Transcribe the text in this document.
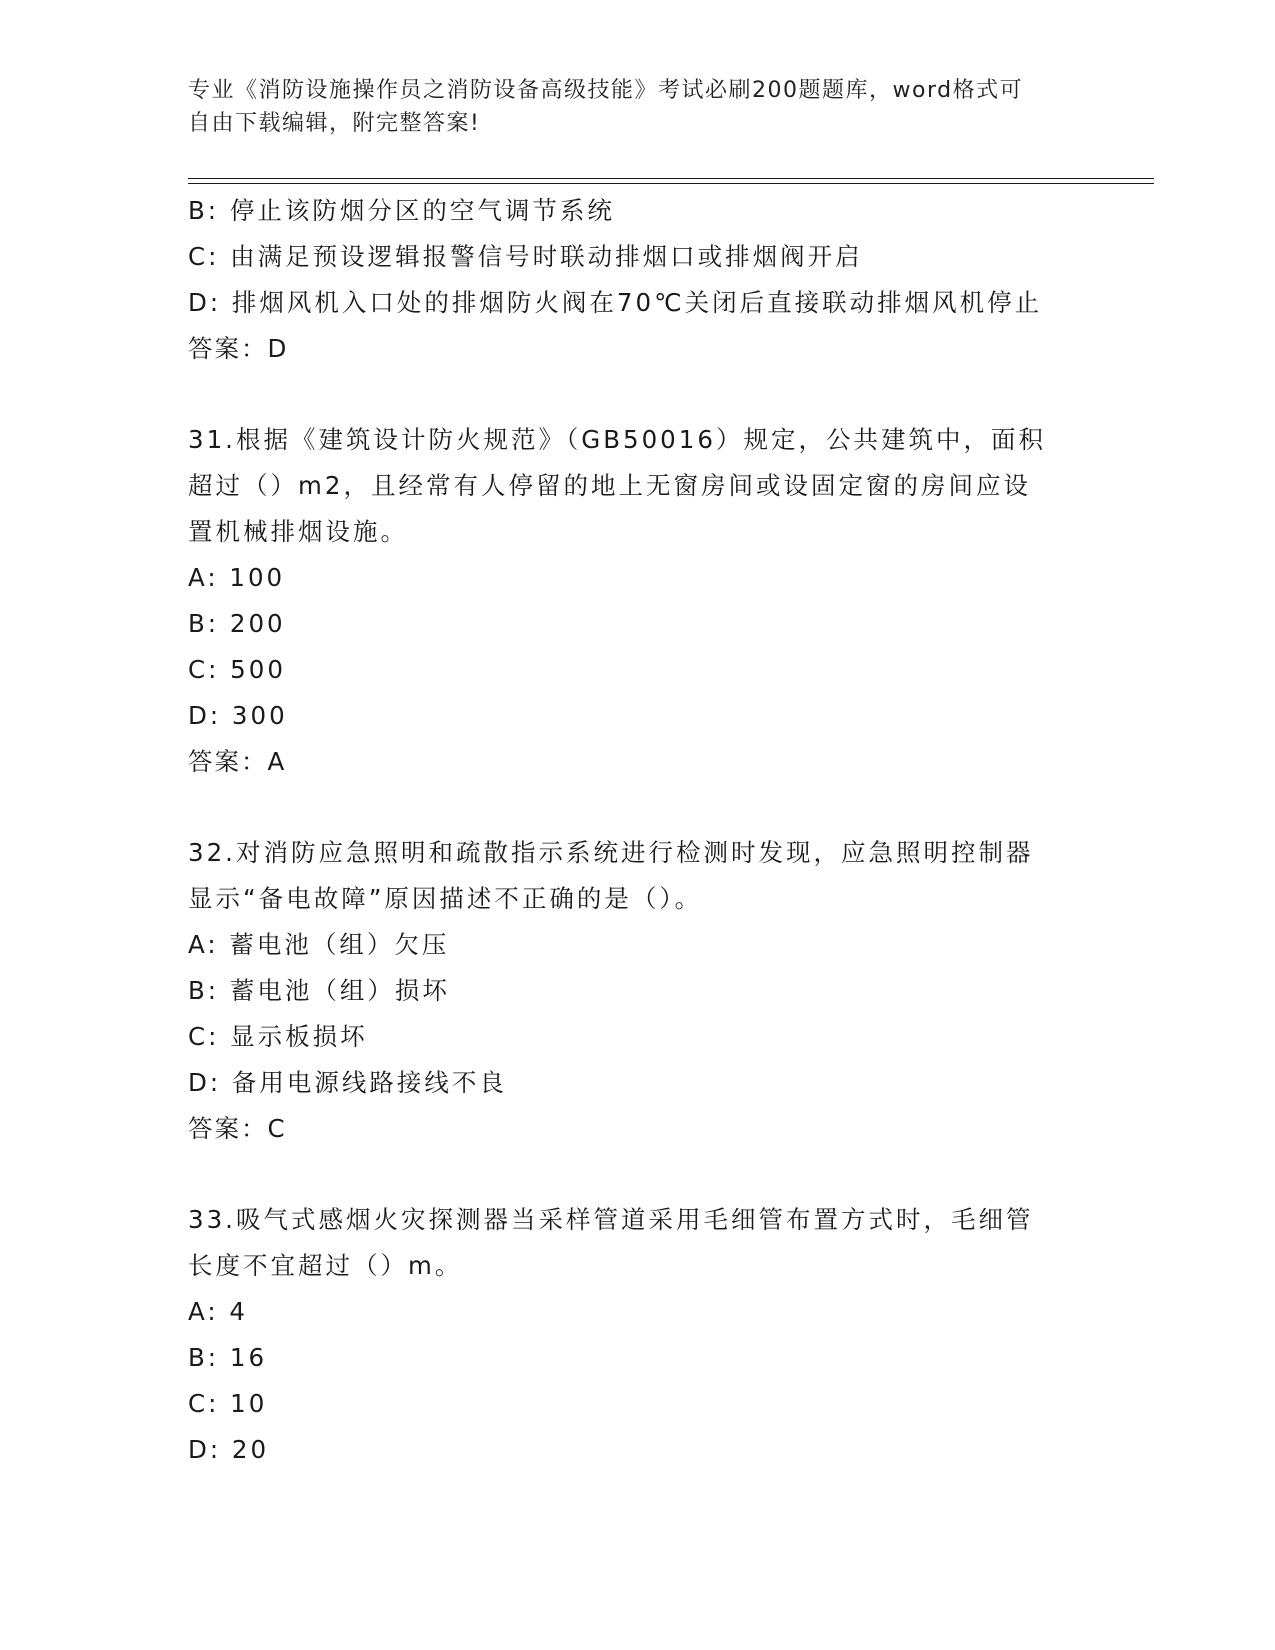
专业《消防设施操作员之消防设备高级技能》考试必刷200题题库，word格式可
自由下载编辑，附完整答案!
B: 停止该防烟分区的空气调节系统
C: 由满足预设逻辑报警信号时联动排烟口或排烟阀开启
D: 排烟风机入口处的排烟防火阀在70℃关闭后直接联动排烟风机停止
答案：D
31.根据《建筑设计防火规范》（GB50016）规定，公共建筑中，面积
超过（）m2，且经常有人停留的地上无窗房间或设固定窗的房间应设
置机械排烟设施。
A: 100
B: 200
C: 500
D: 300
答案：A
32.对消防应急照明和疏散指示系统进行检测时发现，应急照明控制器
显示“备电故障”原因描述不正确的是（）。
A: 蓄电池（组）欠压
B: 蓄电池（组）损坏
C: 显示板损坏
D: 备用电源线路接线不良
答案：C
33.吸气式感烟火灾探测器当采样管道采用毛细管布置方式时，毛细管
长度不宜超过（）m。
A: 4
B: 16
C: 10
D: 20
